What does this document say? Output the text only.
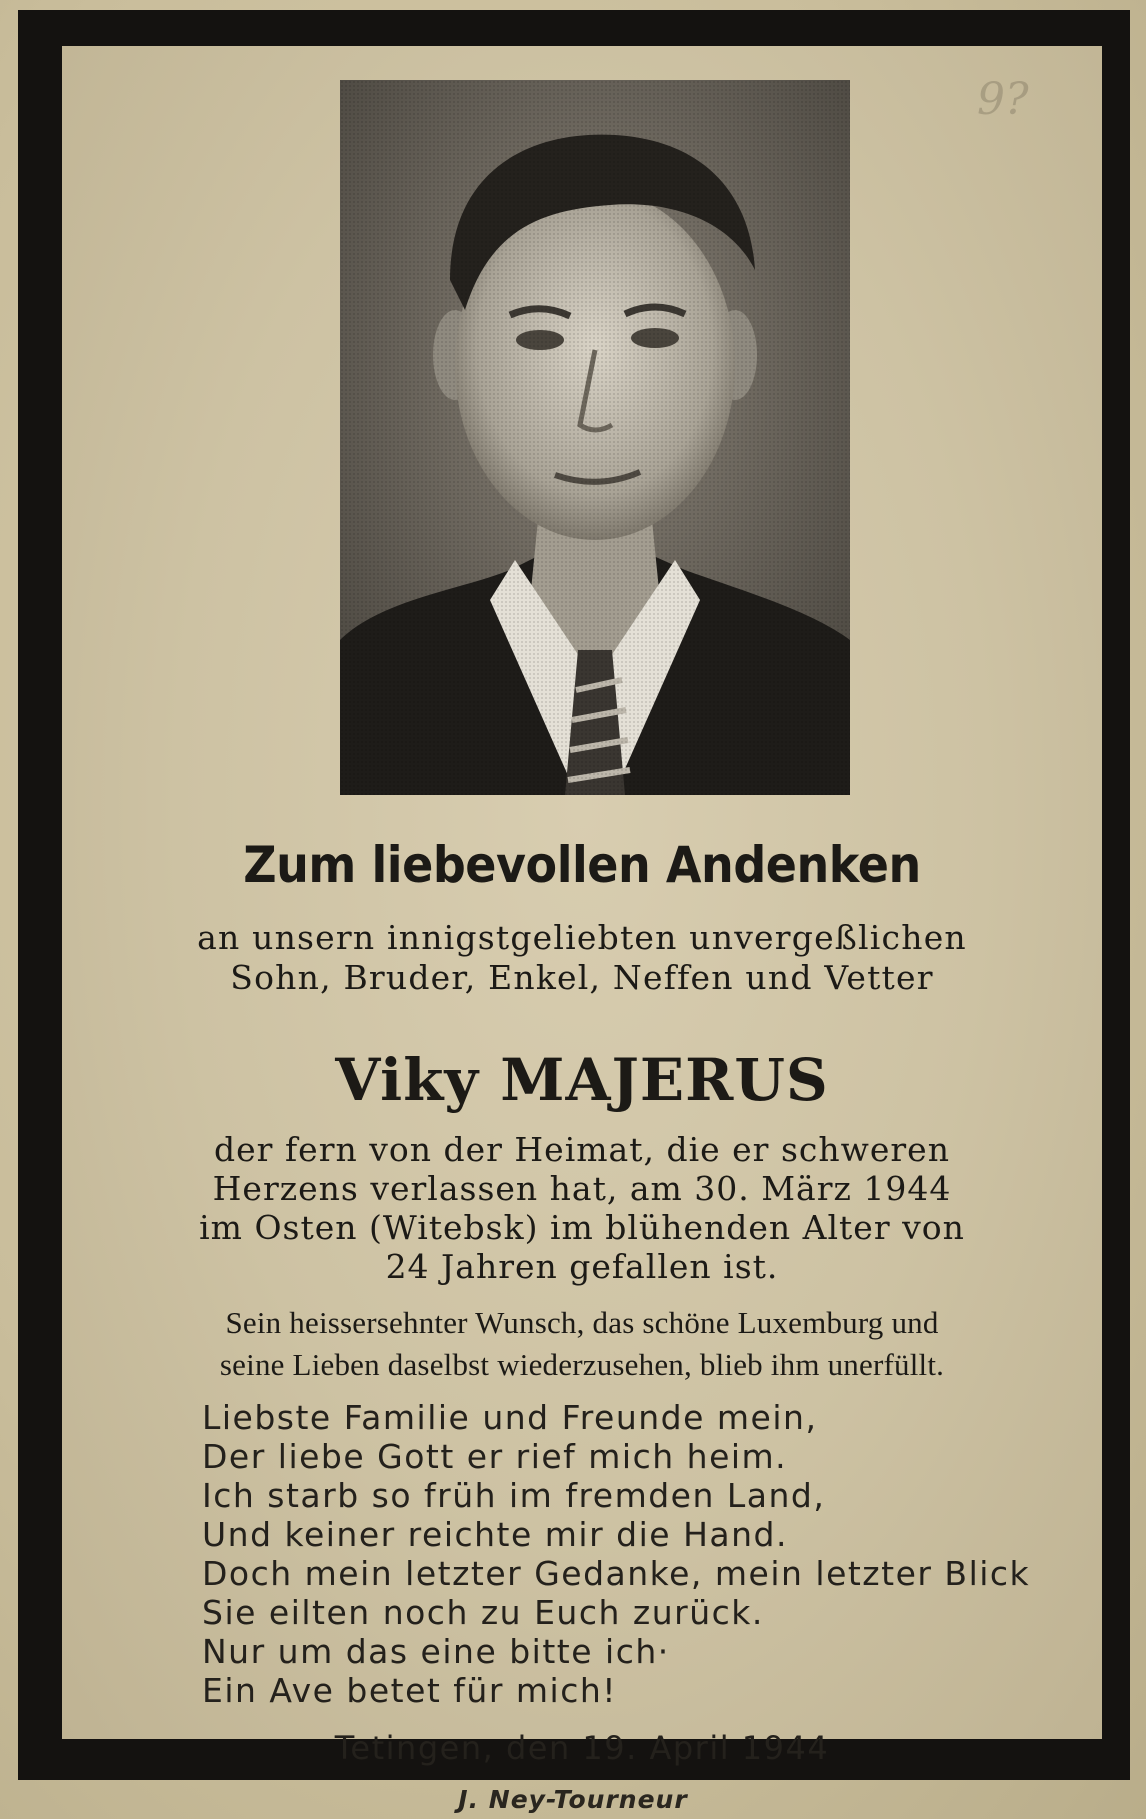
9?
Zum liebevollen Andenken
an unsern innigstgeliebten unvergeßlichen
Sohn, Bruder, Enkel, Neffen und Vetter
Viky MAJERUS
der fern von der Heimat, die er schweren
Herzens verlassen hat, am 30. März 1944
im Osten (Witebsk) im blühenden Alter von
24 Jahren gefallen ist.
Sein heissersehnter Wunsch, das schöne Luxemburg und
seine Lieben daselbst wiederzusehen, blieb ihm unerfüllt.
Liebste Familie und Freunde mein,
Der liebe Gott er rief mich heim.
Ich starb so früh im fremden Land,
Und keiner reichte mir die Hand.
Doch mein letzter Gedanke, mein letzter Blick
Sie eilten noch zu Euch zurück.
Nur um das eine bitte ich·
Ein Ave betet für mich!
Tetingen, den 19. April 1944
J. Ney-Tourneur
